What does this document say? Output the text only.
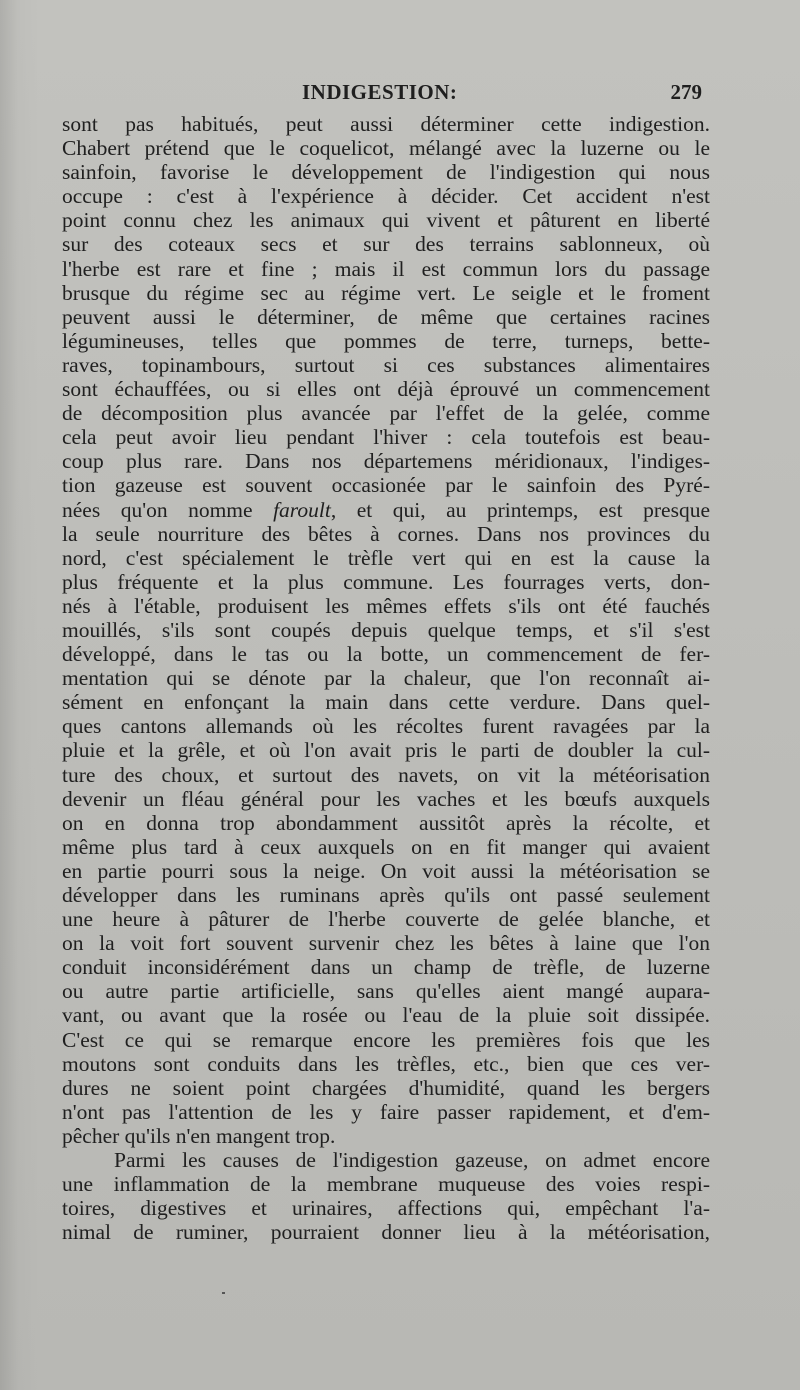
INDIGESTION:	279
sont pas habitués, peut aussi déterminer cette indigestion.
Chabert prétend que le coquelicot, mélangé avec la luzerne ou le
sainfoin, favorise le développement de l'indigestion qui nous
occupe : c'est à l'expérience à décider. Cet accident n'est
point connu chez les animaux qui vivent et pâturent en liberté
sur des coteaux secs et sur des terrains sablonneux, où
l'herbe est rare et fine ; mais il est commun lors du passage
brusque du régime sec au régime vert. Le seigle et le froment
peuvent aussi le déterminer, de même que certaines racines
légumineuses, telles que pommes de terre, turneps, bette-
raves, topinambours, surtout si ces substances alimentaires
sont échauffées, ou si elles ont déjà éprouvé un commencement
de décomposition plus avancée par l'effet de la gelée, comme
cela peut avoir lieu pendant l'hiver : cela toutefois est beau-
coup plus rare. Dans nos départemens méridionaux, l'indiges-
tion gazeuse est souvent occasionée par le sainfoin des Pyré-
nées qu'on nomme faroult, et qui, au printemps, est presque
la seule nourriture des bêtes à cornes. Dans nos provinces du
nord, c'est spécialement le trèfle vert qui en est la cause la
plus fréquente et la plus commune. Les fourrages verts, don-
nés à l'étable, produisent les mêmes effets s'ils ont été fauchés
mouillés, s'ils sont coupés depuis quelque temps, et s'il s'est
développé, dans le tas ou la botte, un commencement de fer-
mentation qui se dénote par la chaleur, que l'on reconnaît ai-
sément en enfonçant la main dans cette verdure. Dans quel-
ques cantons allemands où les récoltes furent ravagées par la
pluie et la grêle, et où l'on avait pris le parti de doubler la cul-
ture des choux, et surtout des navets, on vit la météorisation
devenir un fléau général pour les vaches et les bœufs auxquels
on en donna trop abondamment aussitôt après la récolte, et
même plus tard à ceux auxquels on en fit manger qui avaient
en partie pourri sous la neige. On voit aussi la météorisation se
développer dans les ruminans après qu'ils ont passé seulement
une heure à pâturer de l'herbe couverte de gelée blanche, et
on la voit fort souvent survenir chez les bêtes à laine que l'on
conduit inconsidérément dans un champ de trèfle, de luzerne
ou autre partie artificielle, sans qu'elles aient mangé aupara-
vant, ou avant que la rosée ou l'eau de la pluie soit dissipée.
C'est ce qui se remarque encore les premières fois que les
moutons sont conduits dans les trèfles, etc., bien que ces ver-
dures ne soient point chargées d'humidité, quand les bergers
n'ont pas l'attention de les y faire passer rapidement, et d'em-
pêcher qu'ils n'en mangent trop.
Parmi les causes de l'indigestion gazeuse, on admet encore
une inflammation de la membrane muqueuse des voies respi-
toires, digestives et urinaires, affections qui, empêchant l'a-
nimal de ruminer, pourraient donner lieu à la météorisation,
